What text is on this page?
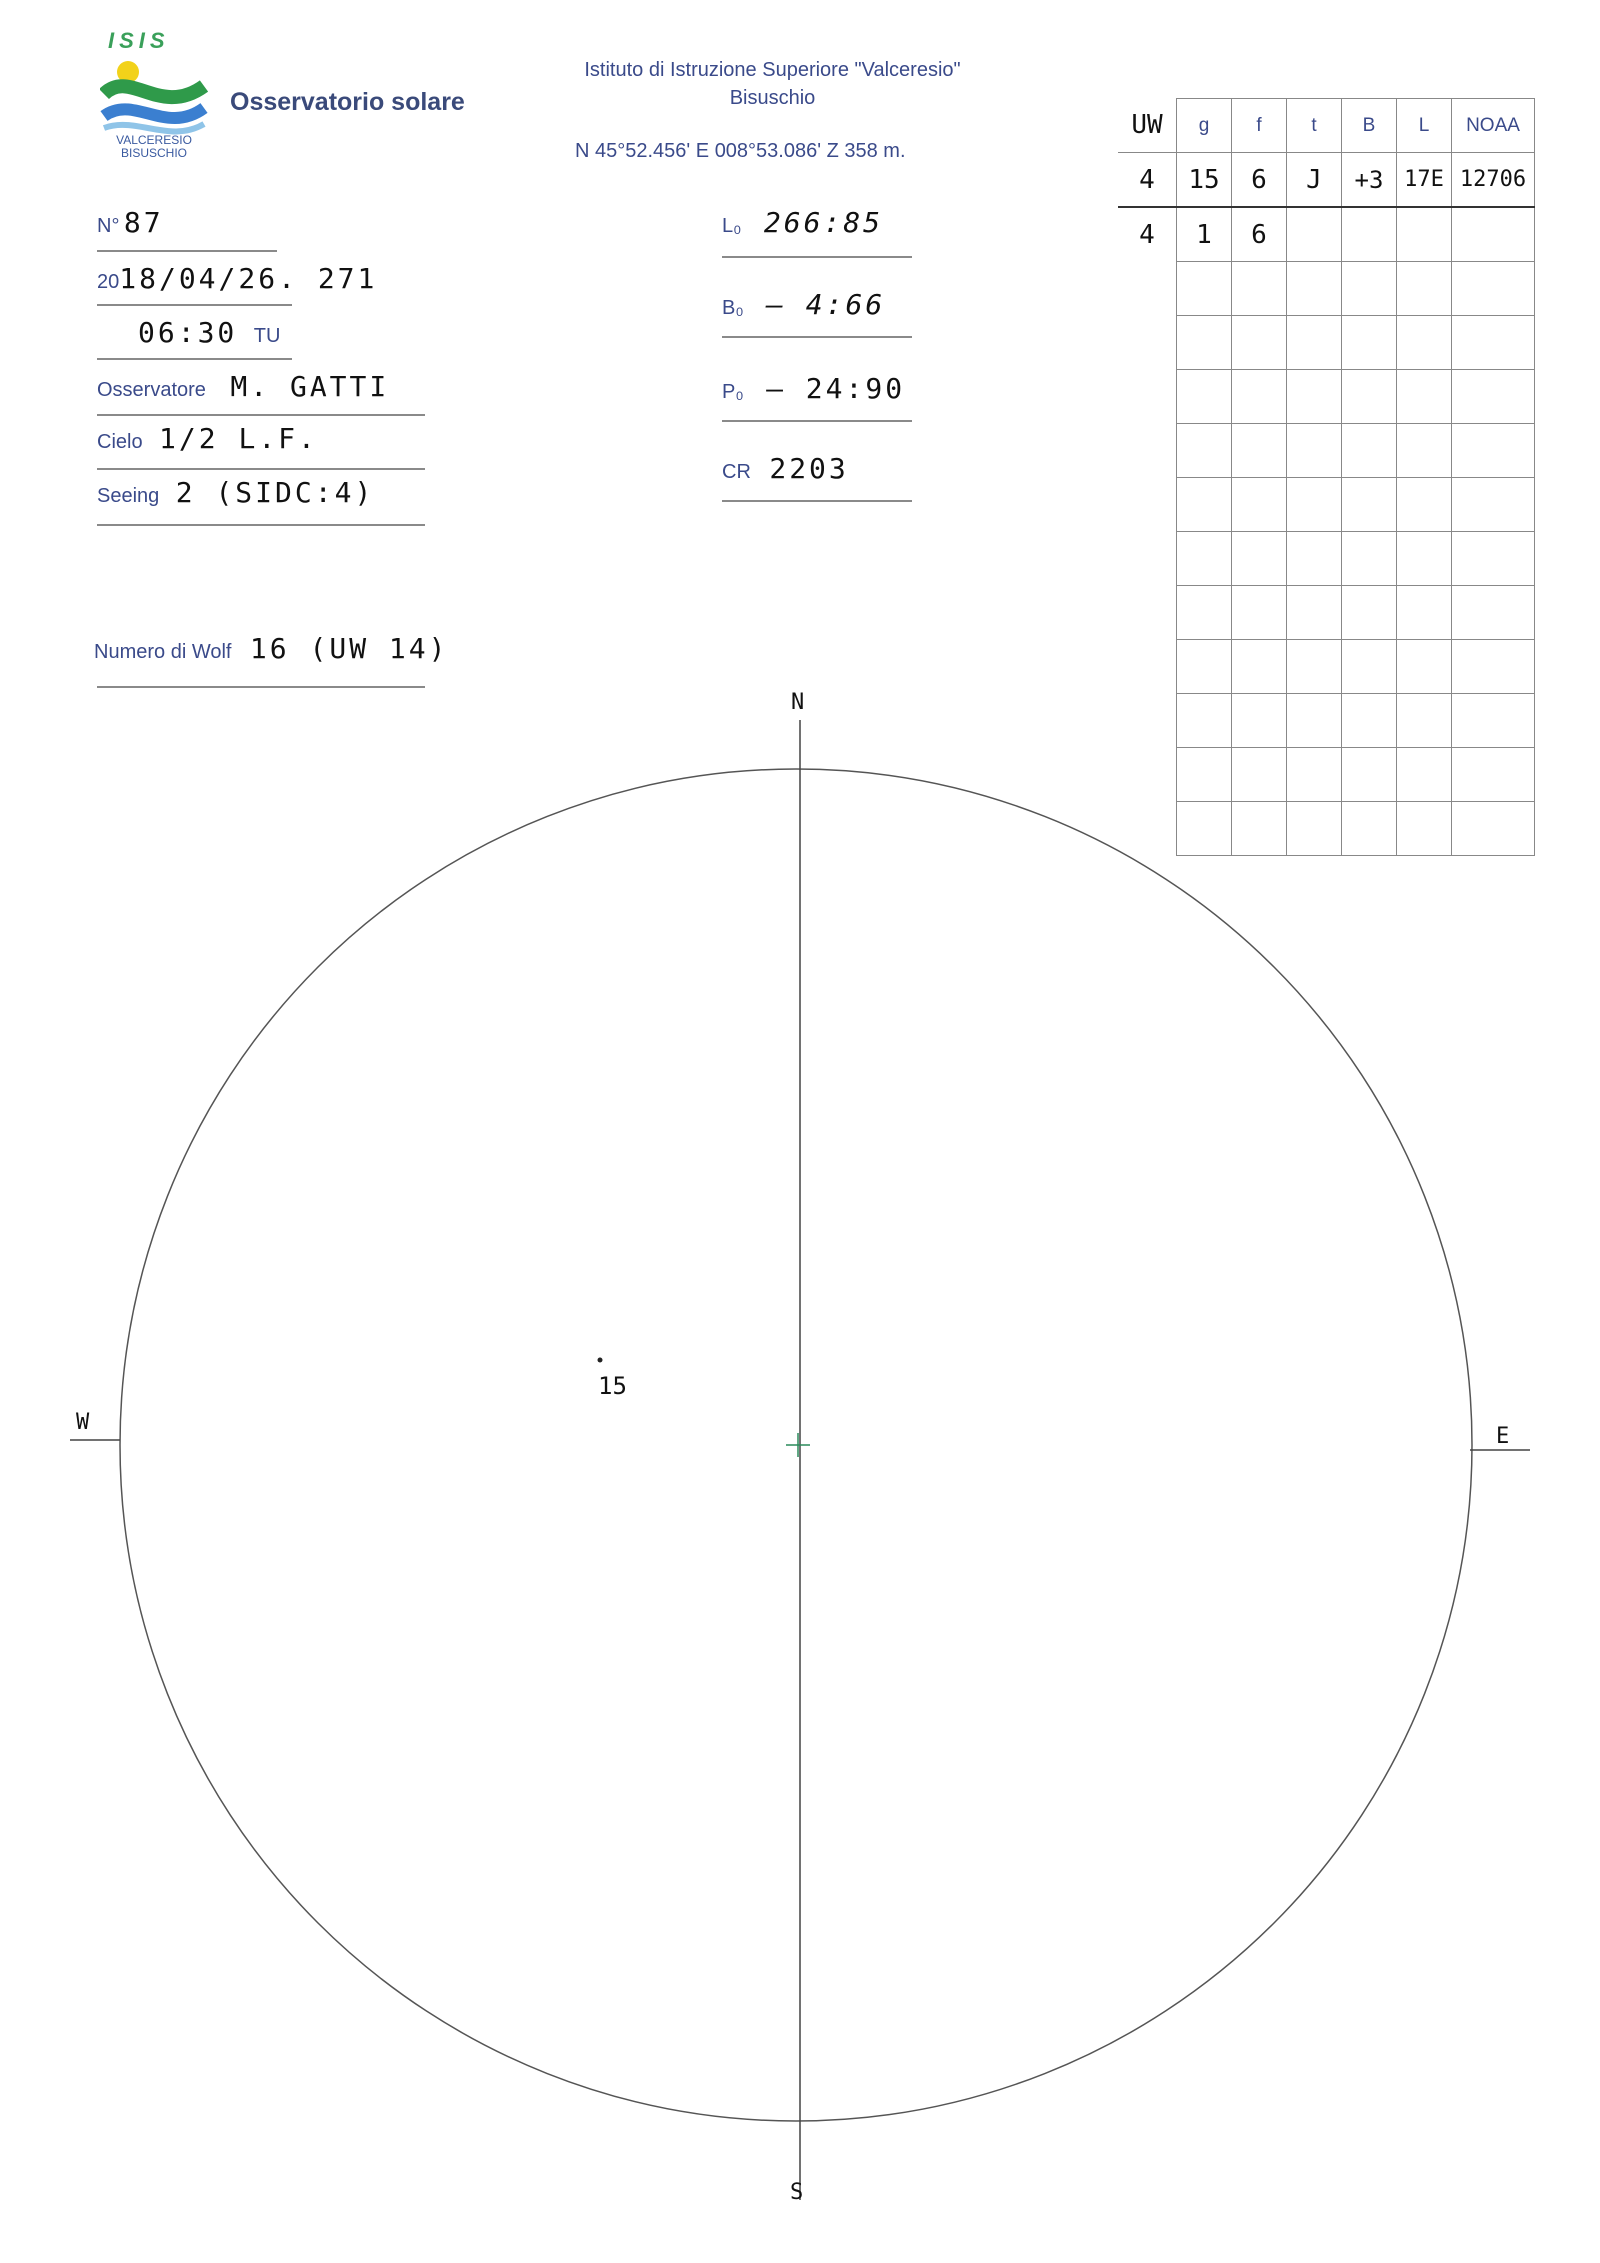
ISIS
VALCERESIO
BISUSCHIO
Osservatorio solare
Istituto di Istruzione Superiore "Valceresio"
Bisuschio
N 45°52.456' E 008°53.086' Z 358 m.
N° 87
2018/04/26. 271
06:30 TU
Osservatore M. GATTI
Cielo 1/2 L.F.
Seeing 2 (SIDC:4)
Numero di Wolf 16 (UW 14)
L₀ 266:85
B₀ – 4:66
P₀ – 24:90
CR 2203
UW	g	f	t	B	L	NOAA
4	15	6	J	+3	17E	12706
4	1	6				

N
S
W
E
15
